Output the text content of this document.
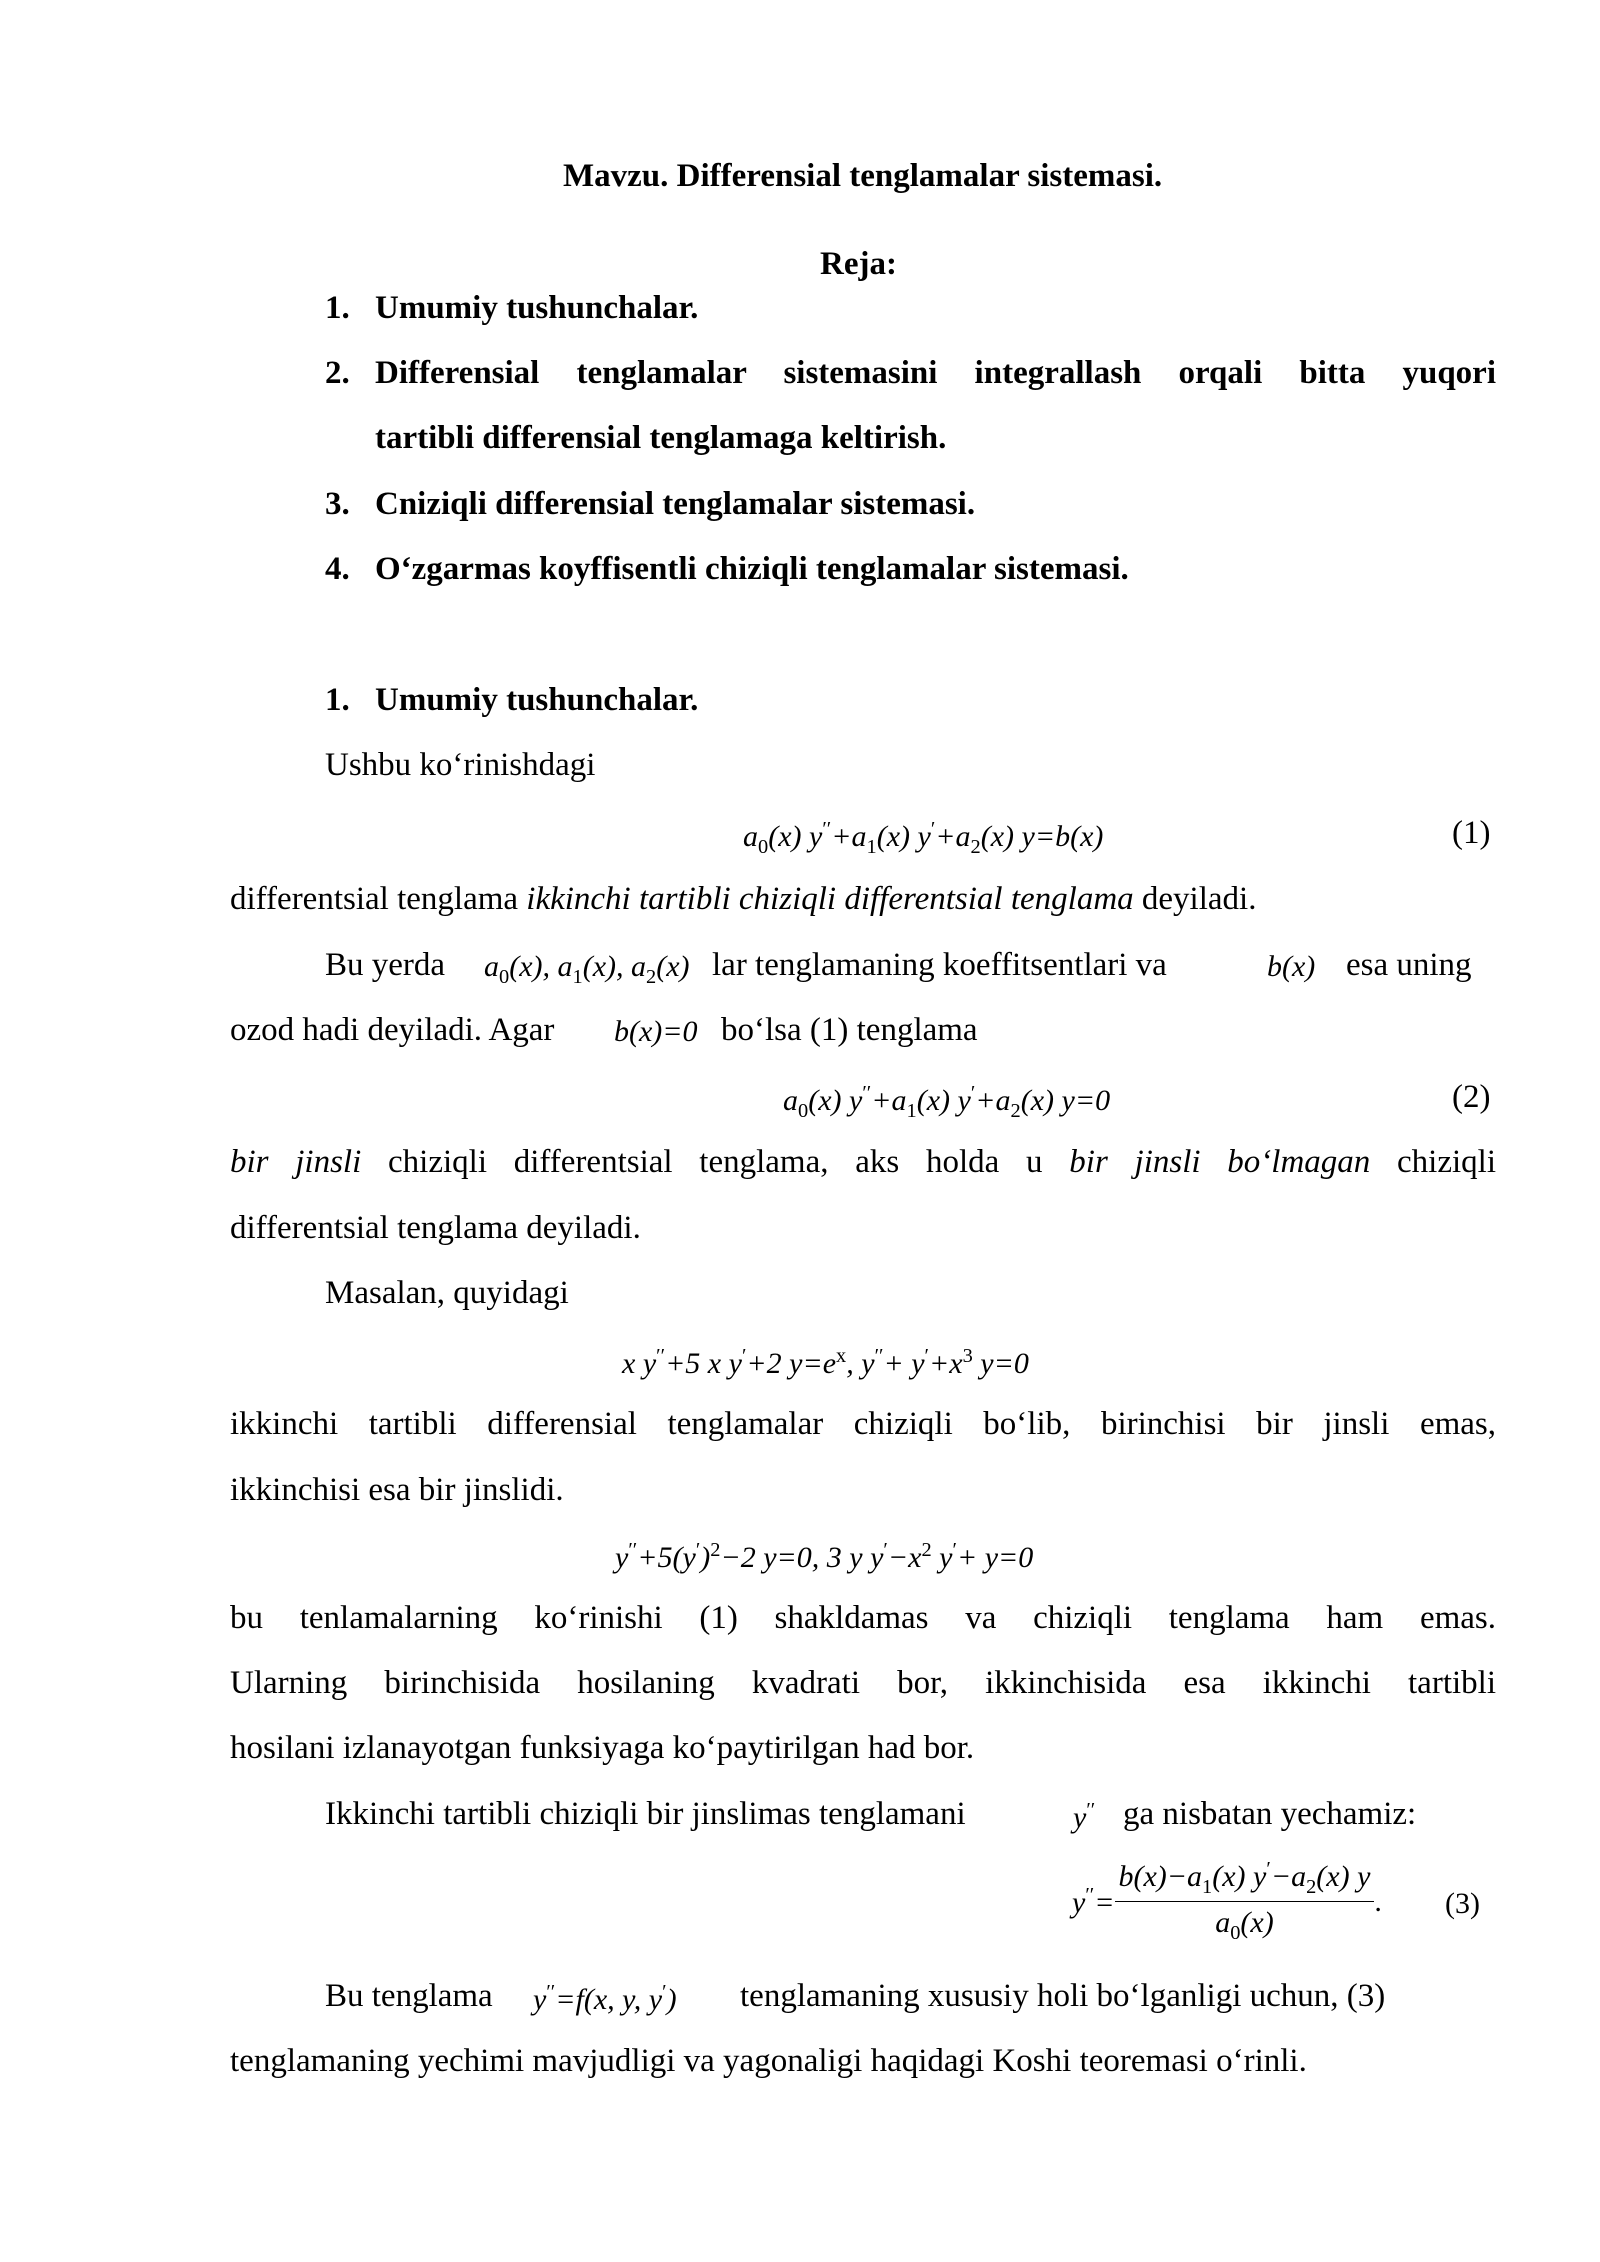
Mavzu. Differensial tenglamalar sistemasi.
Reja:
1. Umumiy tushunchalar.
2. Differensial tenglamalar sistemasini integrallash orqali bitta yuqori
tartibli differensial tenglamaga keltirish.
3. Cniziqli differensial tenglamalar sistemasi.
4. O‘zgarmas koyffisentli chiziqli tenglamalar sistemasi.
1. Umumiy tushunchalar.
Ushbu ko‘rinishdagi
$a_0(x)$ $y''+a_1(x)$ $y'+a_2(x)$ y=b(x)	(1)
differentsial tenglama ikkinchi tartibli chiziqli differentsial tenglama deyiladi.
Bu yerda $a_0(x)$, $a_1(x)$, $a_2(x)$ lar tenglamaning koeffitsentlari va	b(x) esa uning
ozod hadi deyiladi. Agar b(x)=0 bo‘lsa (1) tenglama
$a_0(x)$ $y''+a_1(x)$ $y'+a_2(x)$ y=0	(2)
bir jinsli chiziqli differentsial tenglama, aks holda u bir jinsli bo‘lmagan chiziqli
differentsial tenglama deyiladi.
Masalan, quyidagi
x y′′+5 x y′+2 $y=e^x$, $y''+ y'+x^3$ y=0
ikkinchi tartibli differensial tenglamalar chiziqli bo‘lib, birinchisi bir jinsli emas,
ikkinchisi esa bir jinslidi.
$y''+5(y')^2-2$ y=0, 3 y $y'-x^2$ y′+ y=0
bu tenlamalarning ko‘rinishi (1) shakldamas va chiziqli tenglama ham emas.
Ularning birinchisida hosilaning kvadrati bor, ikkinchisida esa ikkinchi tartibli
hosilani izlanayotgan funksiyaga ko‘paytirilgan had bor.
Ikkinchi tartibli chiziqli bir jinslimas tenglamani	y′′ ga nisbatan yechamiz:
$y''= \frac{b(x)-a_1(x) y'-a_2(x) y}{a_0(x)}$ . (3)
Bu tenglama y′′=f(x, y, y′) tenglamaning xususiy holi bo‘lganligi uchun, (3)
tenglamaning yechimi mavjudligi va yagonaligi haqidagi Koshi teoremasi o‘rinli.
